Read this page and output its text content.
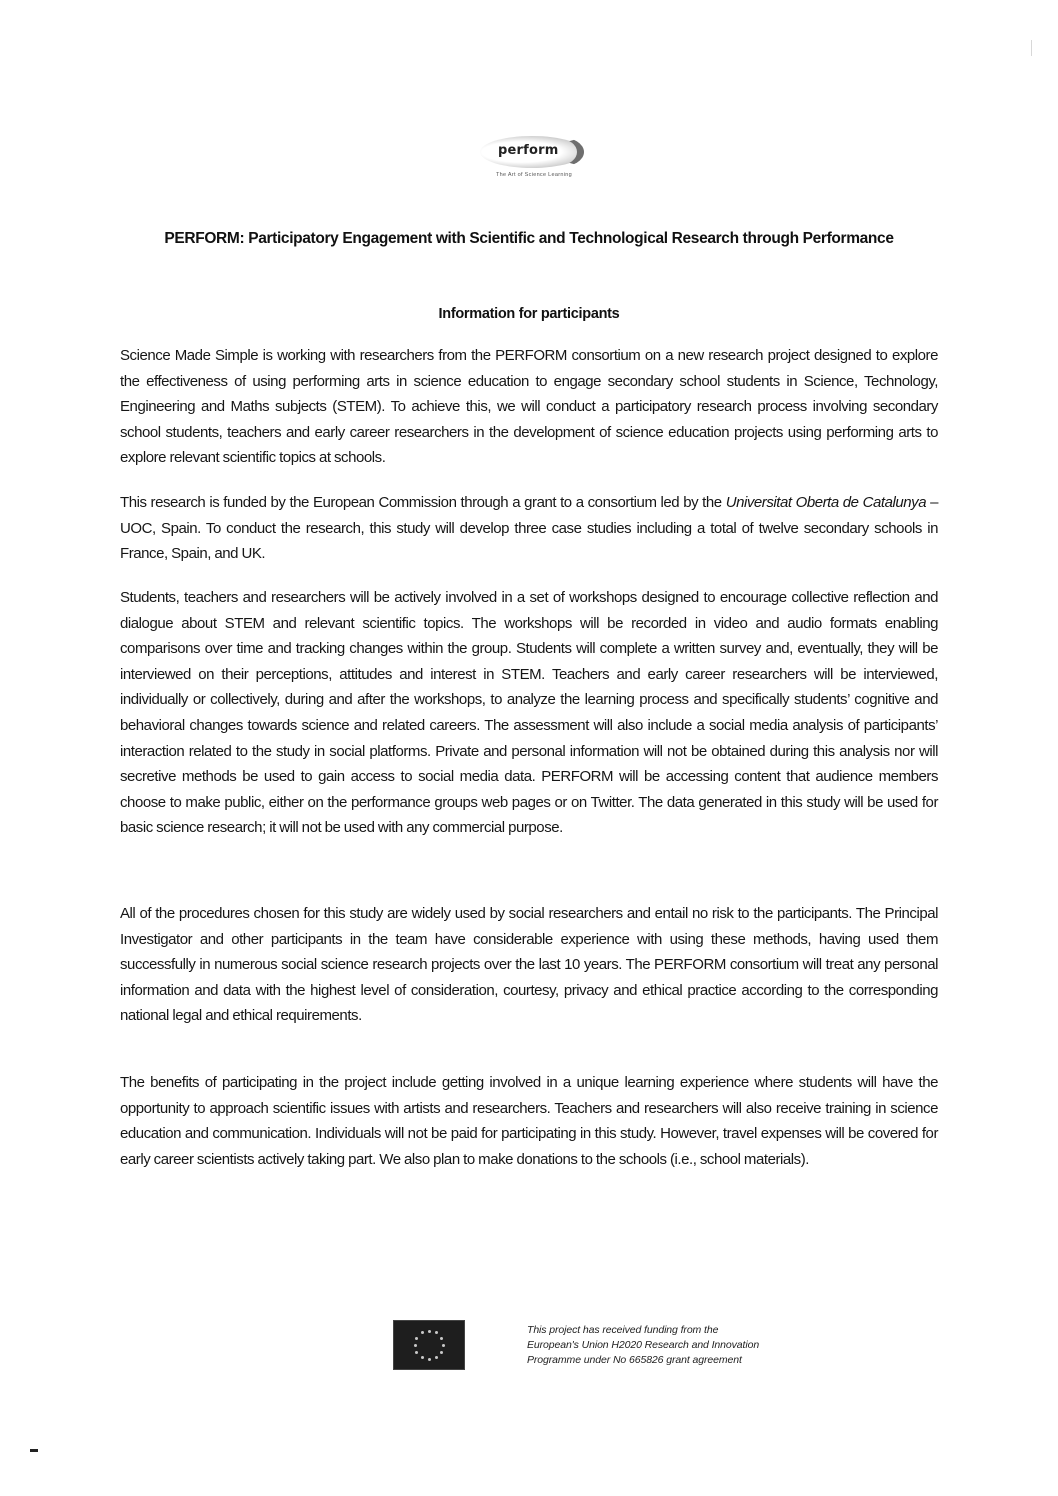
perform
The Art of Science Learning
PERFORM: Participatory Engagement with Scientific and Technological Research through Performance
Information for participants

Science Made Simple is working with researchers from the PERFORM consortium on a new research project designed to explore the effectiveness of using performing arts in science education to engage secondary school students in Science, Technology, Engineering and Maths subjects (STEM). To achieve this, we will conduct a participatory research process involving secondary school students, teachers and early career researchers in the development of science education projects using performing arts to explore relevant scientific topics at schools.

This research is funded by the European Commission through a grant to a consortium led by the Universitat Oberta de Catalunya –UOC, Spain. To conduct the research, this study will develop three case studies including a total of twelve secondary schools in France, Spain, and UK.

Students, teachers and researchers will be actively involved in a set of workshops designed to encourage collective reflection and dialogue about STEM and relevant scientific topics. The workshops will be recorded in video and audio formats enabling comparisons over time and tracking changes within the group. Students will complete a written survey and, eventually, they will be interviewed on their perceptions, attitudes and interest in STEM. Teachers and early career researchers will be interviewed, individually or collectively, during and after the workshops, to analyze the learning process and specifically students’ cognitive and behavioral changes towards science and related careers. The assessment will also include a social media analysis of participants’ interaction related to the study in social platforms. Private and personal information will not be obtained during this analysis nor will secretive methods be used to gain access to social media data. PERFORM will be accessing content that audience members choose to make public, either on the performance groups web pages or on Twitter. The data generated in this study will be used for basic science research; it will not be used with any commercial purpose.

All of the procedures chosen for this study are widely used by social researchers and entail no risk to the participants. The Principal Investigator and other participants in the team have considerable experience with using these methods, having used them successfully in numerous social science research projects over the last 10 years. The PERFORM consortium will treat any personal information and data with the highest level of consideration, courtesy, privacy and ethical practice according to the corresponding national legal and ethical requirements.

The benefits of participating in the project include getting involved in a unique learning experience where students will have the opportunity to approach scientific issues with artists and researchers. Teachers and researchers will also receive training in science education and communication. Individuals will not be paid for participating in this study. However, travel expenses will be covered for early career scientists actively taking part. We also plan to make donations to the schools (i.e., school materials).

This project has received funding from the
European's Union H2020 Research and Innovation
Programme under No 665826 grant agreement
